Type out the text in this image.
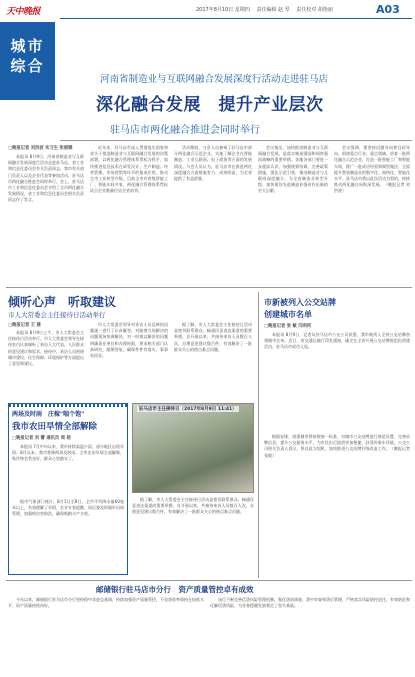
天中晚报
城市
综合
2017年8月10日 星期四 责任编辑 赵 琴 责任校对 胡艳丽	A03
河南省制造业与互联网融合发展深度行活动走进驻马店
深化融合发展　提升产业层次
驻马店市两化融合推进会同时举行
□晚报记者 刘洪波 实习生 张丽娜

本报讯 8月9日，河南省制造业与互联网融合发展深度行活动走进驻马店，省工业和信息化委员会有关负责同志、我市有关部门负责人以及企业代表等参加活动。驻马店市两化融合推进会同时举行。会上，驻马店市工业和信息化委员会介绍了全市两化融合发展情况，省工业和信息化委员会相关负责同志作了发言。

近年来，驻马店市深入贯彻落实国家和省关于推进制造业与互联网融合发展的决策部署，以两化融合管理体系贯标为抓手，加快推进信息技术在研发设计、生产制造、经营管理、市场营销等环节的集成应用，推动全市工业转型升级。目前全市有省级智能工厂、智能车间多家，两化融合管理体系贯标试点企业数量位居全省前列。

活动期间，与会人员参观了驻马店市部分两化融合示范企业，实地了解企业在智能制造、工业互联网、电子商务等方面的发展情况。与会人员认为，驻马店市在推进两化深度融合方面措施有力、成效明显，为全省提供了有益借鉴。

会议指出，加快推进制造业与互联网融合发展，是落实制造强国和网络强国战略的重要举措。各地各部门要进一步提高认识，加强统筹协调，完善政策措施，强化示范引领，推动制造业与互联网深度融合，为全省制造业转型升级、加快建设先进制造业强省作出新的更大贡献。

会议强调，要坚持问题导向和目标导向，围绕重点行业、重点领域，培育一批两化融合示范企业，打造一批智能工厂和智能车间，推广一批成功经验和典型做法，全面提升我省制造业的数字化、网络化、智能化水平。驻马店市将以此次活动为契机，持续推动两化融合向纵深发展。（晚报记者 刘洪波）

倾听心声　听取建议
市人大常委会主任接待日活动举行
□晚报记者 王 建

本报讯 8月9日上午，市人大常委会主任接待日活动举行。市人大常委会领导在接待室内认真倾听了来访人大代表、人民群众的意见建议和诉求。接待中，来访人员围绕城市建设、民生保障、环境保护等方面提出了意见和建议。

市人大常委会领导对来访人员反映的问题逐一进行了认真解答，对能够当场解决的问题现场协调解决，对一时难以解决的问题明确责任单位和办理时限，要求相关部门认真研究，限期答复，确保件件有落实、事事有回音。

据了解，市人大常委会主任接待日活动是密切联系群众、畅通民意表达渠道的重要举措，自开展以来，共接待来访人员数百人次，办理意见建议数百件，有效解决了一批群众关心的热点难点问题。

市新被列入公交站牌
创建城市名单
□晚报记者 张 敏 闫利珂

本报讯 8月9日，记者从驻马店市公交公司获悉，我市被列入全省公交站牌创建城市名单。近日，省交通运输厅印发通知，确定在全省开展公交站牌规范化创建活动，驻马店市成功入选。

根据安排，创建城市将按照统一标准，对城市公交站牌进行规范设置，完善站牌信息，提升公交服务水平，为市民出行提供更加便捷、舒适的乘车环境。公交公司相关负责人表示，将以此为契机，加快推进公交站牌升级改造工作。（晚报记者 张敏）

驻马店市主任接待日（2017年8月9日 11:41）
两场及时雨　庄稼"喘个饱"
我市农田旱情全部解除
□晚报记者 刘 蕾 通讯员 周 杨

本报讯 7月中旬以来，我市持续高温少雨，部分地区出现旱情。8月以来，我市普降两场及时雨，全市农田旱情全部解除，秋作物长势良好，群众心里踏实了。

据市气象部门统计，8月1日至8日，全市平均降水量60毫米以上，有效缓解了旱情，农业专家提醒，雨后要及时做好田间管理，加强病虫害防治，确保秋粮丰产丰收。

据了解，市人大常委会主任接待日活动是密切联系群众、畅通民意表达渠道的重要举措，自开展以来，共接待来访人员数百人次，办理意见建议数百件，有效解决了一批群众关心的热点难点问题。

邮储银行驻马店市分行　资产质量管控卓有成效

今年以来，邮储银行驻马店市分行坚持稳中求进总基调，持续加强资产质量管控，不良贷款率保持在较低水平，资产质量持续向好。

该行不断完善信贷风险管理机制，强化贷前调查、贷中审查和贷后管理，严格落实风险防控责任，有效防范和化解信贷风险，为业务稳健发展奠定了坚实基础。
